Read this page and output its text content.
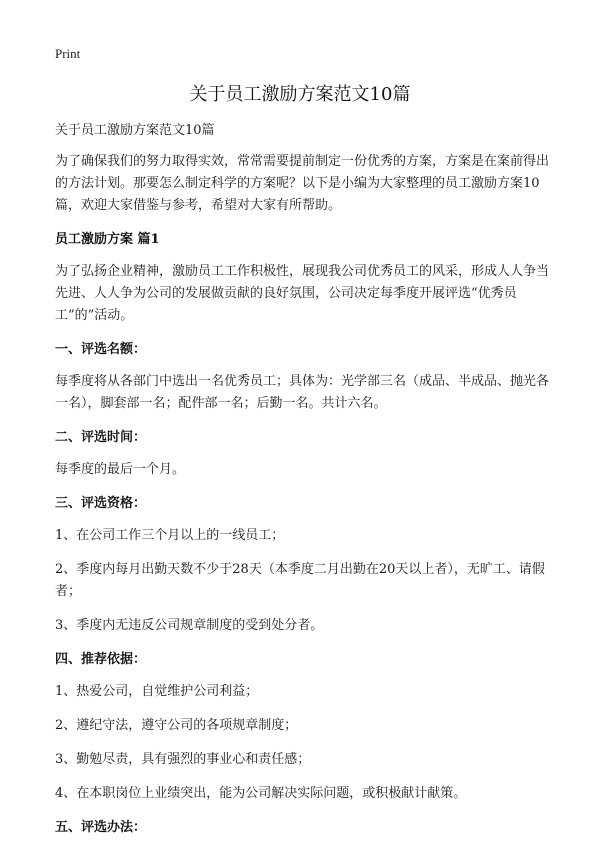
Print
关于员工激励方案范文10篇

关于员工激励方案范文10篇

为了确保我们的努力取得实效，常常需要提前制定一份优秀的方案，方案是在案前得出的方法计划。那要怎么制定科学的方案呢？以下是小编为大家整理的员工激励方案10篇，欢迎大家借鉴与参考，希望对大家有所帮助。

员工激励方案 篇1

为了弘扬企业精神，激励员工工作积极性，展现我公司优秀员工的风采，形成人人争当先进、人人争为公司的发展做贡献的良好氛围，公司决定每季度开展评选“优秀员工”的”活动。

一、评选名额：

每季度将从各部门中选出一名优秀员工；具体为：光学部三名（成品、半成品、抛光各一名），脚套部一名；配件部一名；后勤一名。共计六名。

二、评选时间：

每季度的最后一个月。

三、评选资格：

1、在公司工作三个月以上的一线员工；

2、季度内每月出勤天数不少于28天（本季度二月出勤在20天以上者），无旷工、请假者；

3、季度内无违反公司规章制度的受到处分者。

四、推荐依据：

1、热爱公司，自觉维护公司利益；

2、遵纪守法，遵守公司的各项规章制度；

3、勤勉尽责，具有强烈的事业心和责任感；

4、在本职岗位上业绩突出，能为公司解决实际问题，或积极献计献策。

五、评选办法：
